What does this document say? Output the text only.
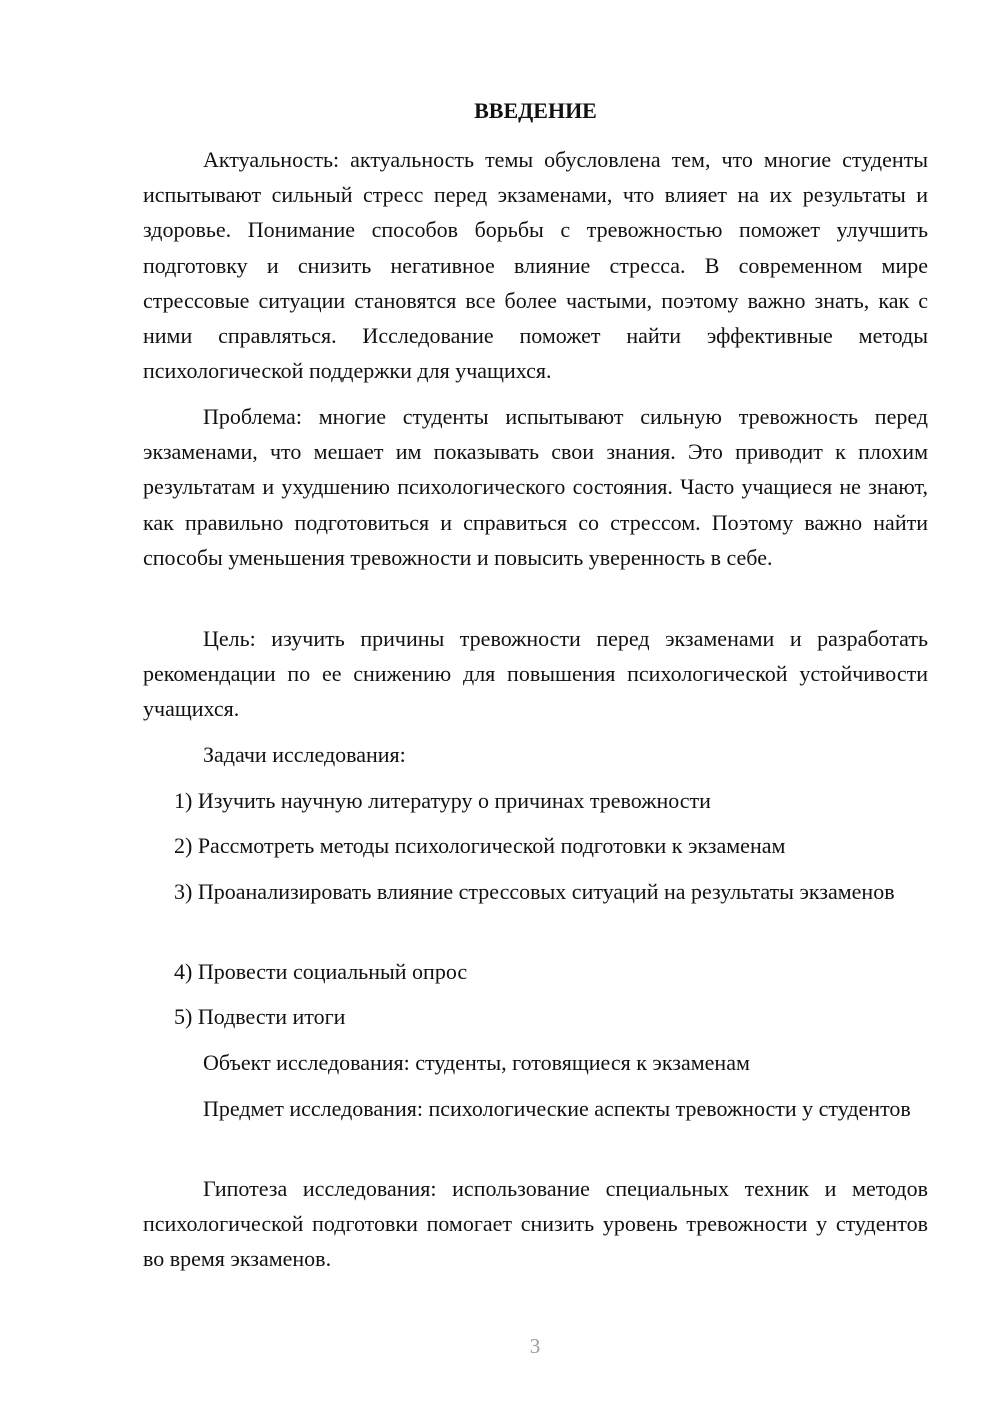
ВВЕДЕНИЕ

Актуальность: актуальность темы обусловлена тем, что многие студенты испытывают сильный стресс перед экзаменами, что влияет на их результаты и здоровье. Понимание способов борьбы с тревожностью поможет улучшить подготовку и снизить негативное влияние стресса. В современном мире стрессовые ситуации становятся все более частыми, поэтому важно знать, как с ними справляться. Исследование поможет найти эффективные методы психологической поддержки для учащихся.

Проблема: многие студенты испытывают сильную тревожность перед экзаменами, что мешает им показывать свои знания. Это приводит к плохим результатам и ухудшению психологического состояния. Часто учащиеся не знают, как правильно подготовиться и справиться со стрессом. Поэтому важно найти способы уменьшения тревожности и повысить уверенность в себе.

Цель: изучить причины тревожности перед экзаменами и разработать рекомендации по ее снижению для повышения психологической устойчивости учащихся.

Задачи исследования:

1) Изучить научную литературу о причинах тревожности

2) Рассмотреть методы психологической подготовки к экзаменам

3) Проанализировать влияние стрессовых ситуаций на результаты экзаменов

4) Провести социальный опрос

5) Подвести итоги

Объект исследования: студенты, готовящиеся к экзаменам

Предмет исследования: психологические аспекты тревожности у студентов

Гипотеза исследования: использование специальных техник и методов психологической подготовки помогает снизить уровень тревожности у студентов во время экзаменов.

3
